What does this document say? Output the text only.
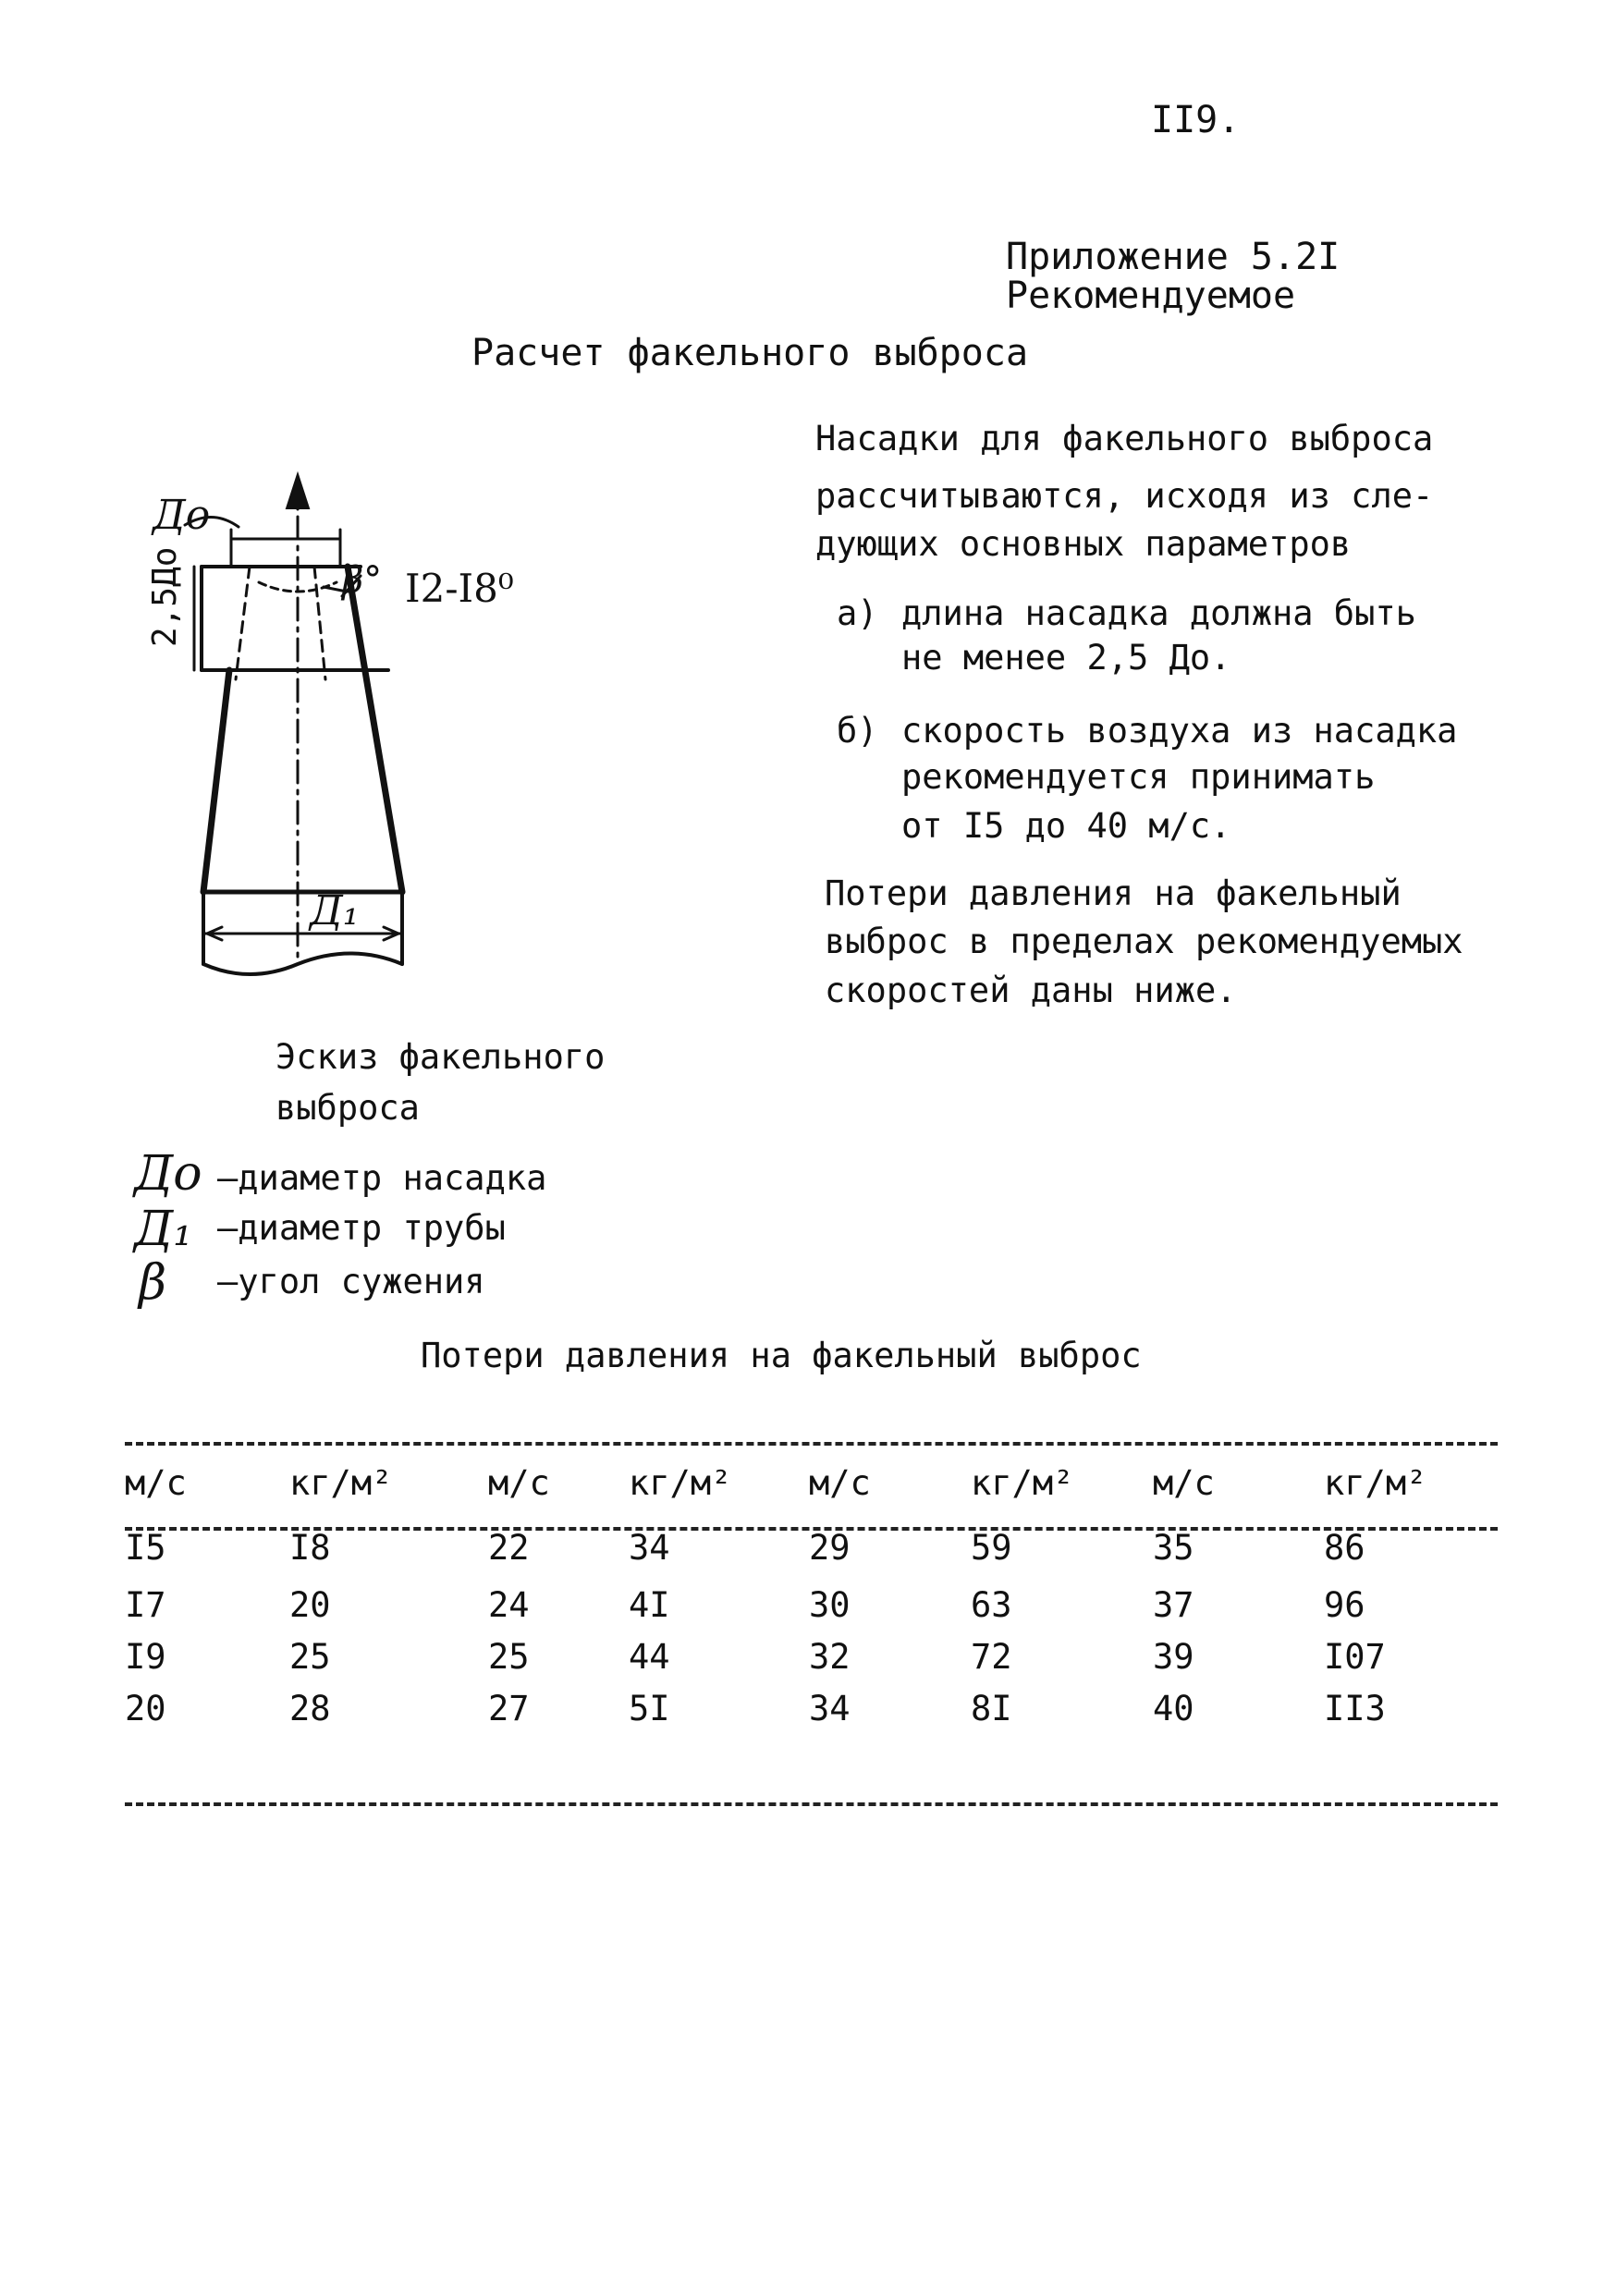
II9.
Приложение 5.2I
Рекомендуемое
Расчет факельного выброса
Насадки для факельного выброса
рассчитываются, исходя из сле-
дующих основных параметров
а) длина насадка должна быть
не менее 2,5 До.
б) скорость воздуха из насадка
рекомендуется принимать
от I5 до 40 м/с.
Потери давления на факельный
выброс в пределах рекомендуемых
скоростей даны ниже.
До
2,5До	β° I2-I8⁰
Д₁
Эскиз факельного
выброса
До —диаметр насадка
Д₁ –диаметр трубы
β –угол сужения
Потери давления на факельный выброс
м/с	кг/м²	м/с	кг/м²	м/с	кг/м²	м/с	кг/м²
I5	I8	22	34	29	59	35	86
I7	20	24	4I	30	63	37	96
I9	25	25	44	32	72	39	I07
20	28	27	5I	34	8I	40	II3
